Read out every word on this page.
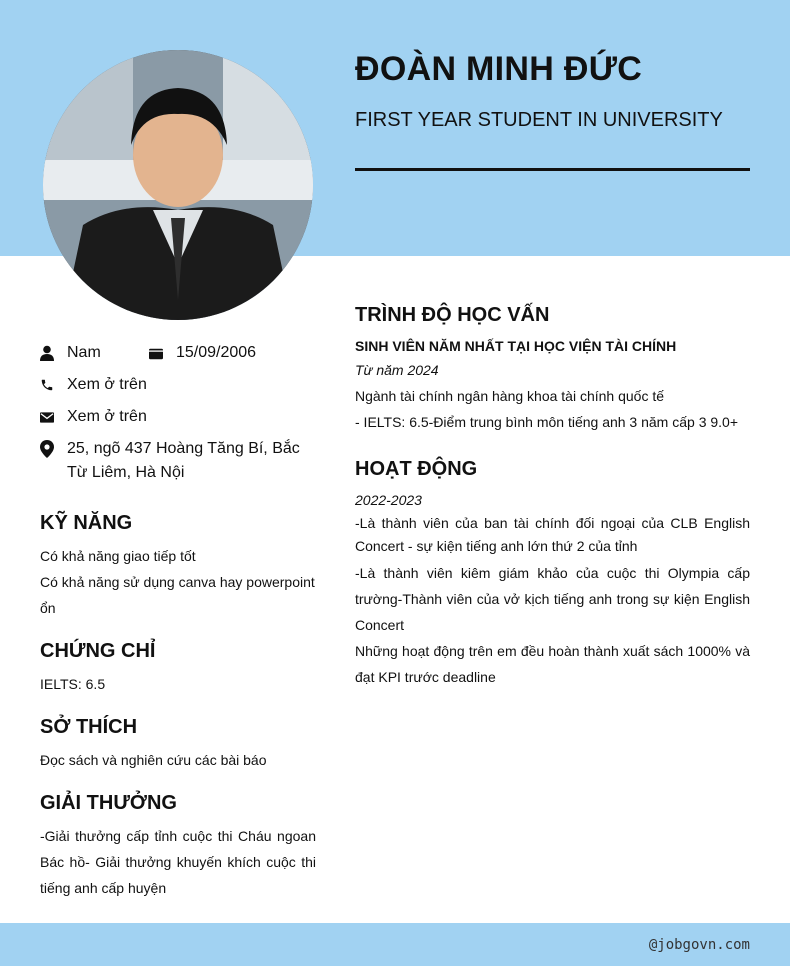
ĐOÀN MINH ĐỨC
FIRST YEAR STUDENT IN UNIVERSITY
Nam	15/09/2006
Xem ở trên
Xem ở trên
25, ngõ 437 Hoàng Tăng Bí, Bắc Từ Liêm, Hà Nội
KỸ NĂNG
Có khả năng giao tiếp tốt
Có khả năng sử dụng canva hay powerpoint ổn
CHỨNG CHỈ
IELTS: 6.5
SỞ THÍCH
Đọc sách và nghiên cứu các bài báo
GIẢI THƯỞNG
-Giải thưởng cấp tỉnh cuộc thi Cháu ngoan Bác hồ- Giải thưởng khuyến khích cuộc thi tiếng anh cấp huyện
TRÌNH ĐỘ HỌC VẤN
SINH VIÊN NĂM NHẤT TẠI HỌC VIỆN TÀI CHÍNH
Từ năm 2024
Ngành tài chính ngân hàng khoa tài chính quốc tế
- IELTS: 6.5-Điểm trung bình môn tiếng anh 3 năm cấp 3 9.0+
HOẠT ĐỘNG
2022-2023
-Là thành viên của ban tài chính đối ngoại của CLB English Concert - sự kiện tiếng anh lớn thứ 2 của tỉnh
-Là thành viên kiêm giám khảo của cuộc thi Olympia cấp trường-Thành viên của vở kịch tiếng anh trong sự kiện English Concert
Những hoạt động trên em đều hoàn thành xuất sách 1000% và đạt KPI trước deadline
@jobgovn.com
